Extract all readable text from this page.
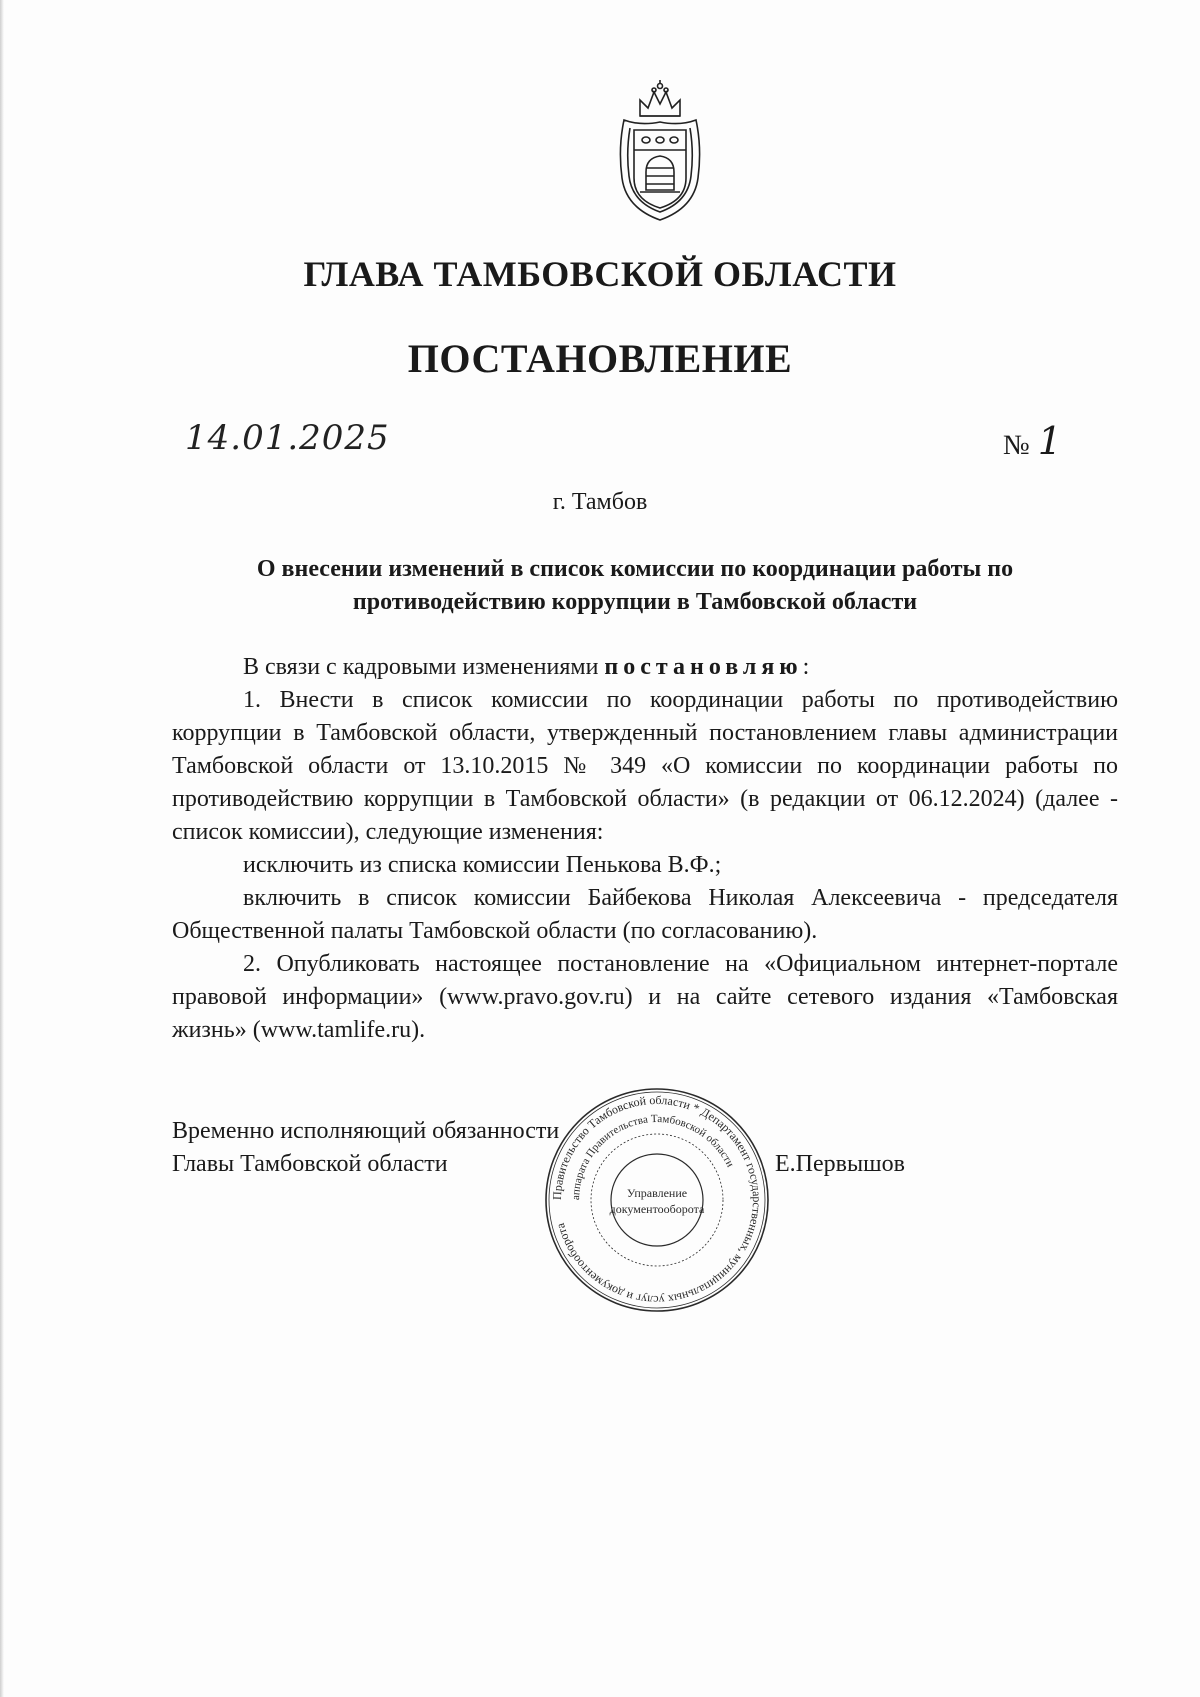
ГЛАВА ТАМБОВСКОЙ ОБЛАСТИ
ПОСТАНОВЛЕНИЕ
14.01.2025	№ 1
г. Тамбов
О внесении изменений в список комиссии по координации работы по противодействию коррупции в Тамбовской области

В связи с кадровыми изменениями постановляю:

1. Внести в список комиссии по координации работы по противодействию коррупции в Тамбовской области, утвержденный постановлением главы администрации Тамбовской области от 13.10.2015 № 349 «О комиссии по координации работы по противодействию коррупции в Тамбовской области» (в редакции от 06.12.2024) (далее - список комиссии), следующие изменения:

исключить из списка комиссии Пенькова В.Ф.;

включить в список комиссии Байбекова Николая Алексеевича - председателя Общественной палаты Тамбовской области (по согласованию).

2. Опубликовать настоящее постановление на «Официальном интернет-портале правовой информации» (www.pravo.gov.ru) и на сайте сетевого издания «Тамбовская жизнь» (www.tamlife.ru).

Временно исполняющий обязанности
Главы Тамбовской области	Е.Первышов
Правительство Тамбовской области * Департамент государственных, муниципальных услуг и документооборота
аппарата Правительства Тамбовской области
Управление
документооборота
